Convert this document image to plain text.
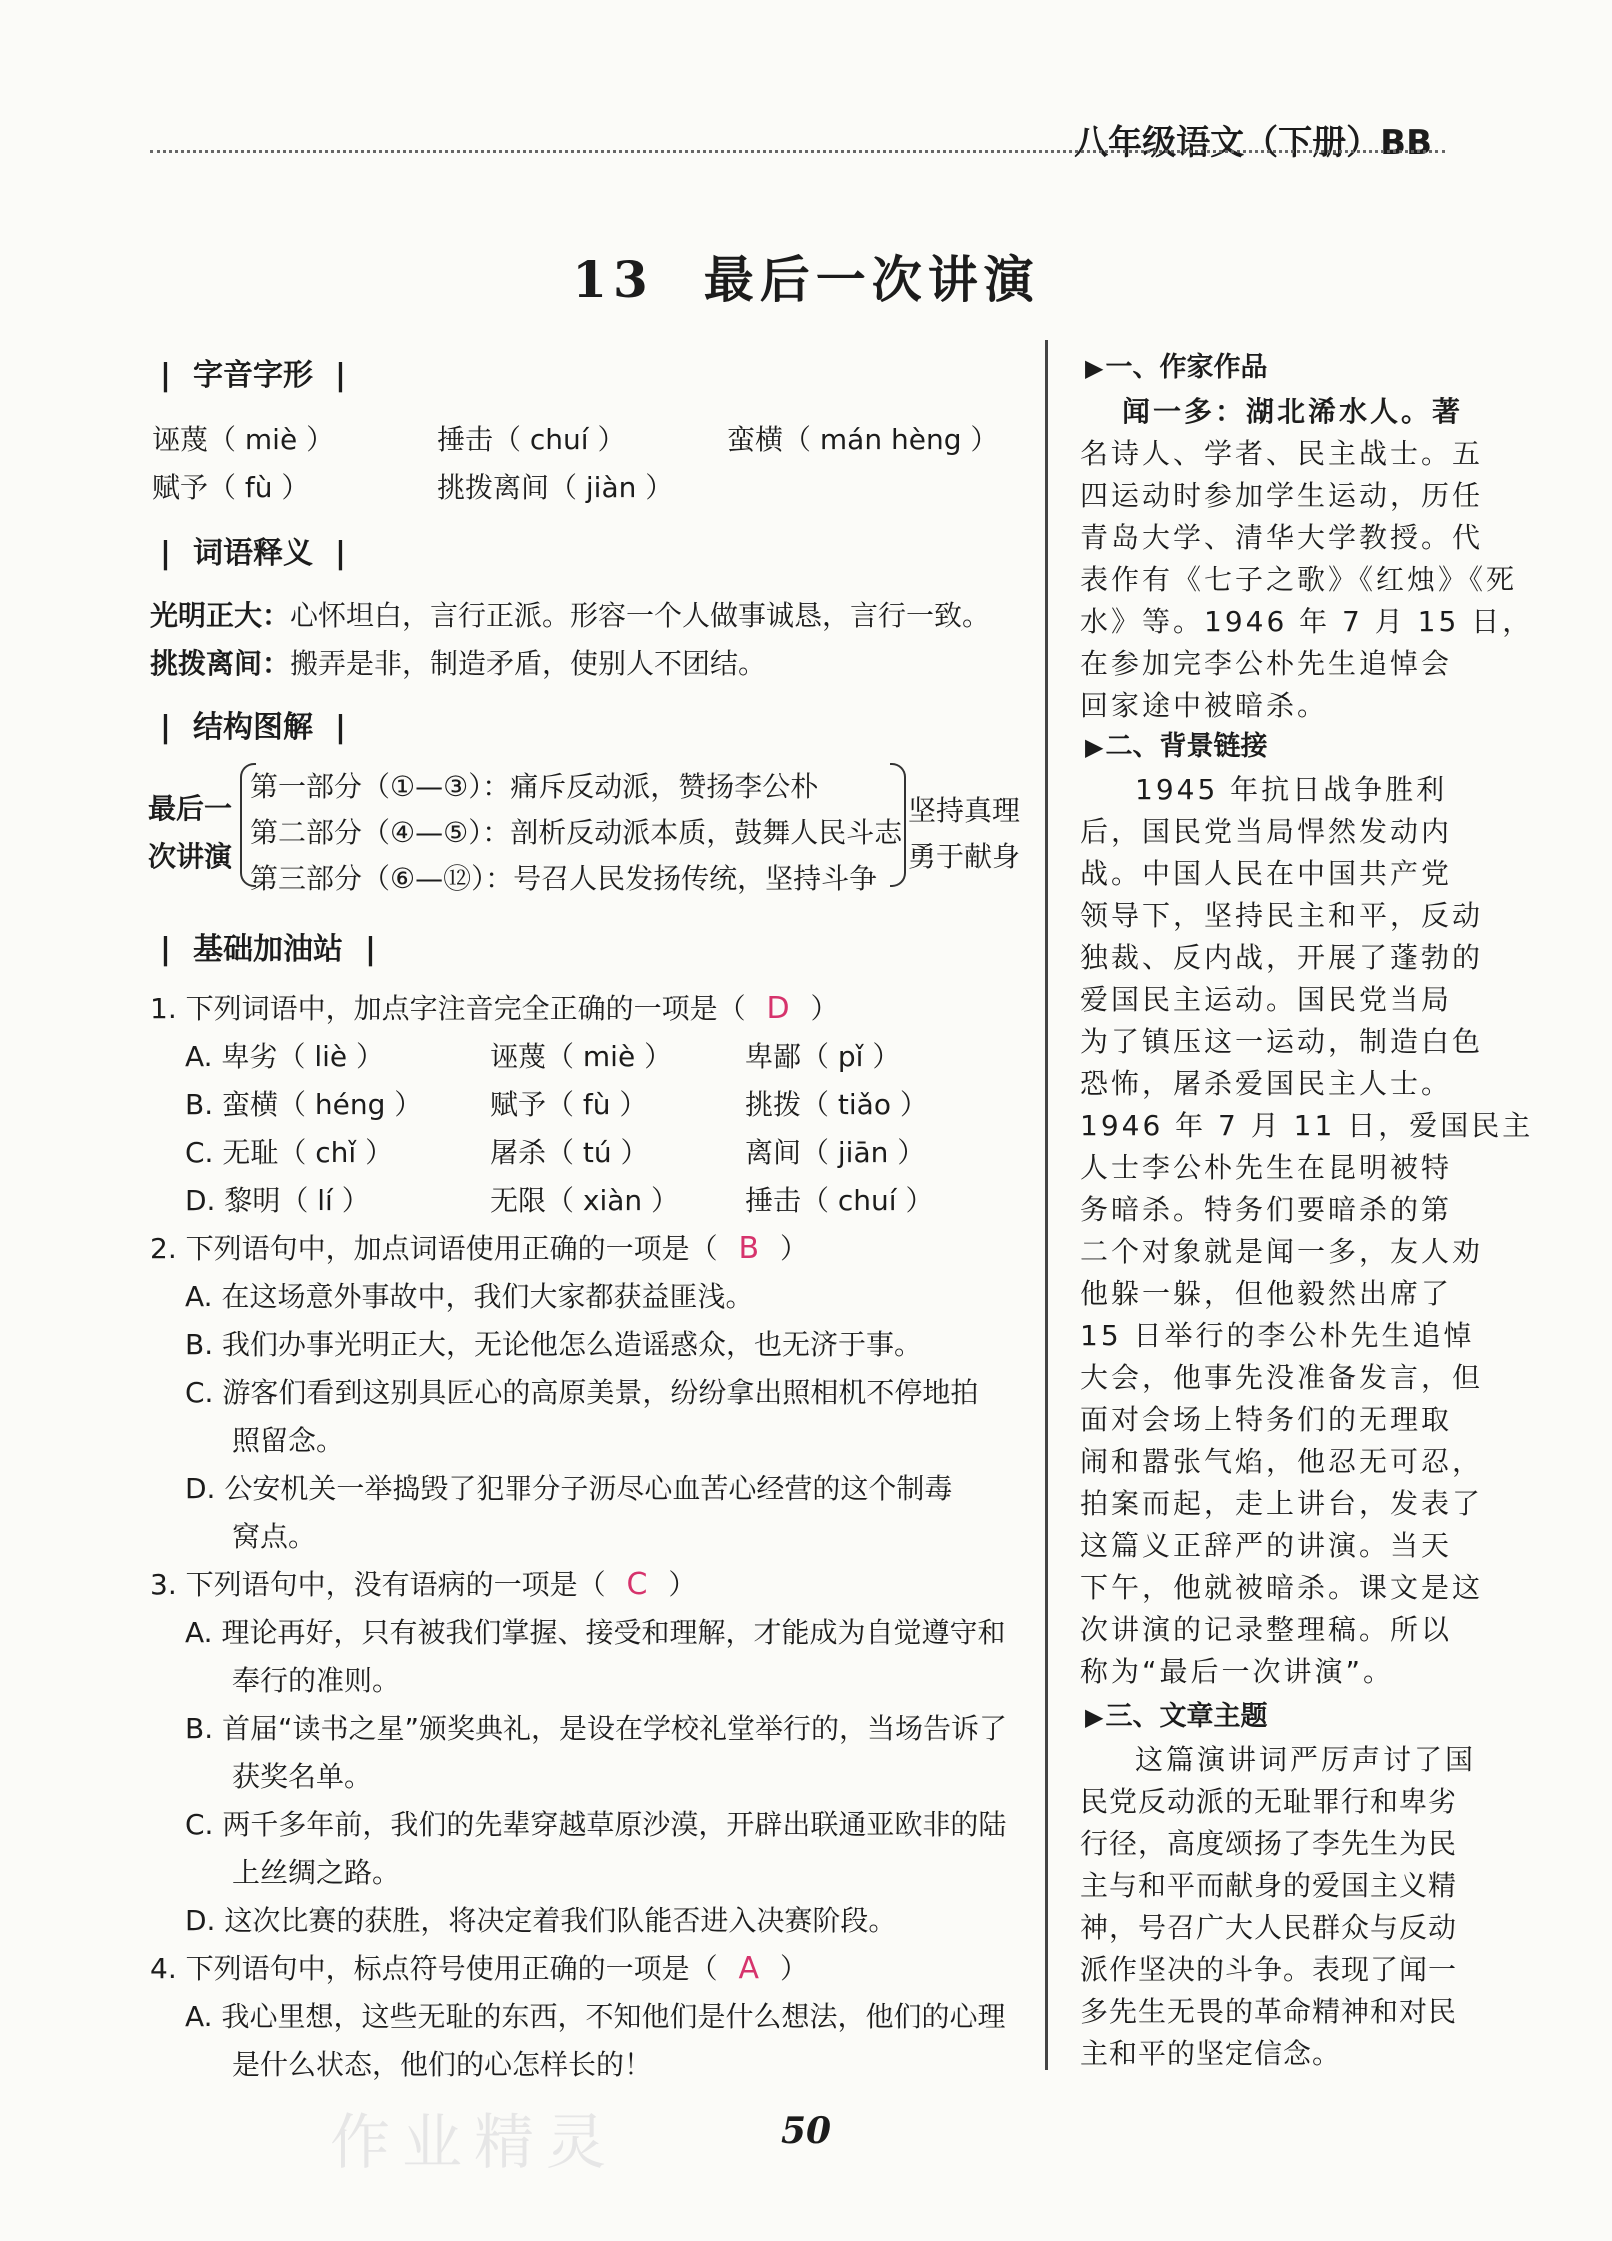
八年级语文（下册）BB
13 最后一次讲演
| 字音字形 |
诬蔑（ miè ）	捶击（ chuí ）	蛮横（ mán hèng ）
赋予（ fù ）	挑拨离间（ jiàn ）
| 词语释义 |
光明正大：心怀坦白，言行正派。形容一个人做事诚恳，言行一致。
挑拨离间：搬弄是非，制造矛盾，使别人不团结。
| 结构图解 |
最后一
次讲演
第一部分（①—③）：痛斥反动派，赞扬李公朴
第二部分（④—⑤）：剖析反动派本质，鼓舞人民斗志
第三部分（⑥—⑫）：号召人民发扬传统，坚持斗争
坚持真理
勇于献身
| 基础加油站 |
1. 下列词语中，加点字注音完全正确的一项是（ D ）
A. 卑劣（ liè ）	诬蔑（ miè ）	卑鄙（ pǐ ）
B. 蛮横（ héng ） 赋予（ fù ）	挑拨（ tiǎo ）
C. 无耻（ chǐ ）	屠杀（ tú ）	离间（ jiān ）
D. 黎明（ lí ）	无限（ xiàn ） 捶击（ chuí ）
2. 下列语句中，加点词语使用正确的一项是（ B ）
A. 在这场意外事故中，我们大家都获益匪浅。
B. 我们办事光明正大，无论他怎么造谣惑众，也无济于事。
C. 游客们看到这别具匠心的高原美景，纷纷拿出照相机不停地拍
照留念。
D. 公安机关一举捣毁了犯罪分子沥尽心血苦心经营的这个制毒
窝点。
3. 下列语句中，没有语病的一项是（ C ）
A. 理论再好，只有被我们掌握、接受和理解，才能成为自觉遵守和
奉行的准则。
B. 首届“读书之星”颁奖典礼，是设在学校礼堂举行的，当场告诉了
获奖名单。
C. 两千多年前，我们的先辈穿越草原沙漠，开辟出联通亚欧非的陆
上丝绸之路。
D. 这次比赛的获胜，将决定着我们队能否进入决赛阶段。
4. 下列语句中，标点符号使用正确的一项是（ A ）
A. 我心里想，这些无耻的东西，不知他们是什么想法，他们的心理
是什么状态，他们的心怎样长的！
▶ 一、作家作品
闻一多：湖北浠水人。著
名诗人、学者、民主战士。五
四运动时参加学生运动，历任
青岛大学、清华大学教授。代
表作有《七子之歌》《红烛》《死
水》等。1946 年 7 月 15 日，
在参加完李公朴先生追悼会
回家途中被暗杀。
▶ 二、背景链接
1945 年抗日战争胜利
后，国民党当局悍然发动内
战。中国人民在中国共产党
领导下，坚持民主和平，反动
独裁、反内战，开展了蓬勃的
爱国民主运动。国民党当局
为了镇压这一运动，制造白色
恐怖，屠杀爱国民主人士。
1946 年 7 月 11 日，爱国民主
人士李公朴先生在昆明被特
务暗杀。特务们要暗杀的第
二个对象就是闻一多，友人劝
他躲一躲，但他毅然出席了
15 日举行的李公朴先生追悼
大会，他事先没准备发言，但
面对会场上特务们的无理取
闹和嚣张气焰，他忍无可忍，
拍案而起，走上讲台，发表了
这篇义正辞严的讲演。当天
下午，他就被暗杀。课文是这
次讲演的记录整理稿。所以
称为“最后一次讲演”。
▶ 三、文章主题
这篇演讲词严厉声讨了国
民党反动派的无耻罪行和卑劣
行径，高度颂扬了李先生为民
主与和平而献身的爱国主义精
神，号召广大人民群众与反动
派作坚决的斗争。表现了闻一
多先生无畏的革命精神和对民
主和平的坚定信念。
50
作业精灵
